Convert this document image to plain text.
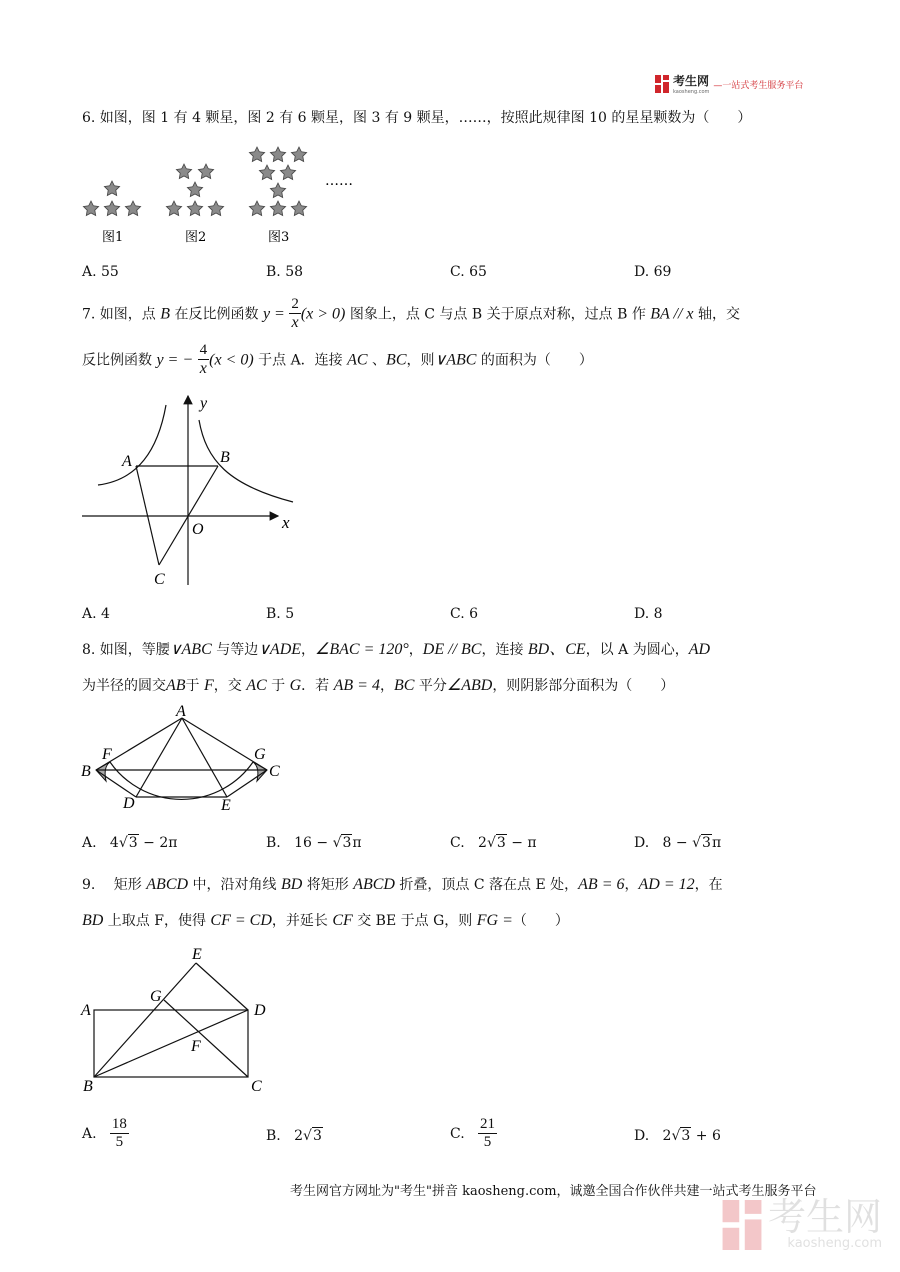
考生网
kaosheng.com
—一站式考生服务平台
6. 如图，图 1 有 4 颗星，图 2 有 6 颗星，图 3 有 9 颗星，……，按照此规律图 10 的星星颗数为（　　）
……
图1	图2	图3
A. 55	B. 58	C. 65	D. 69
7. 如图，点 B 在反比例函数 $y = \frac{2}{x} (x > 0)$ 图象上，点 C 与点 B 关于原点对称，过点 B 作 BA // x 轴，交
反比例函数 y = − $\frac{4}{x} (x < 0)$ 于点 A．连接 AC 、BC，则∨ABC 的面积为（　　）
y
A	B
O	x
C
A. 4	B. 5	C. 6	D. 8
8. 如图，等腰∨ABC 与等边∨ADE，∠BAC = 120°，DE // BC，连接 BD、CE，以 A 为圆心，AD
为半径的圆交AB于 F，交 AC 于 G．若 AB = 4，BC 平分∠ABD，则阴影部分面积为（　　）
A
F	G
B	C
D	E
A. 4√3 − 2π	B. 16 − √3π	C. 2√3 − π	D. 8 − √3π
9.　 矩形 ABCD 中，沿对角线 BD 将矩形 ABCD 折叠，顶点 C 落在点 E 处，AB = 6，AD = 12，在
BD 上取点 F，使得 CF = CD，并延长 CF 交 BE 于点 G，则 FG =（　　）
E
G
A	D
F
B	C
A. $\frac{18}{5}$	B. 2√3	C. $\frac{21}{5}$	D. 2√3 + 6
考生网官方网址为"考生"拼音 kaosheng.com，诚邀全国合作伙伴共建一站式考生服务平台
考生网
kaosheng.com
